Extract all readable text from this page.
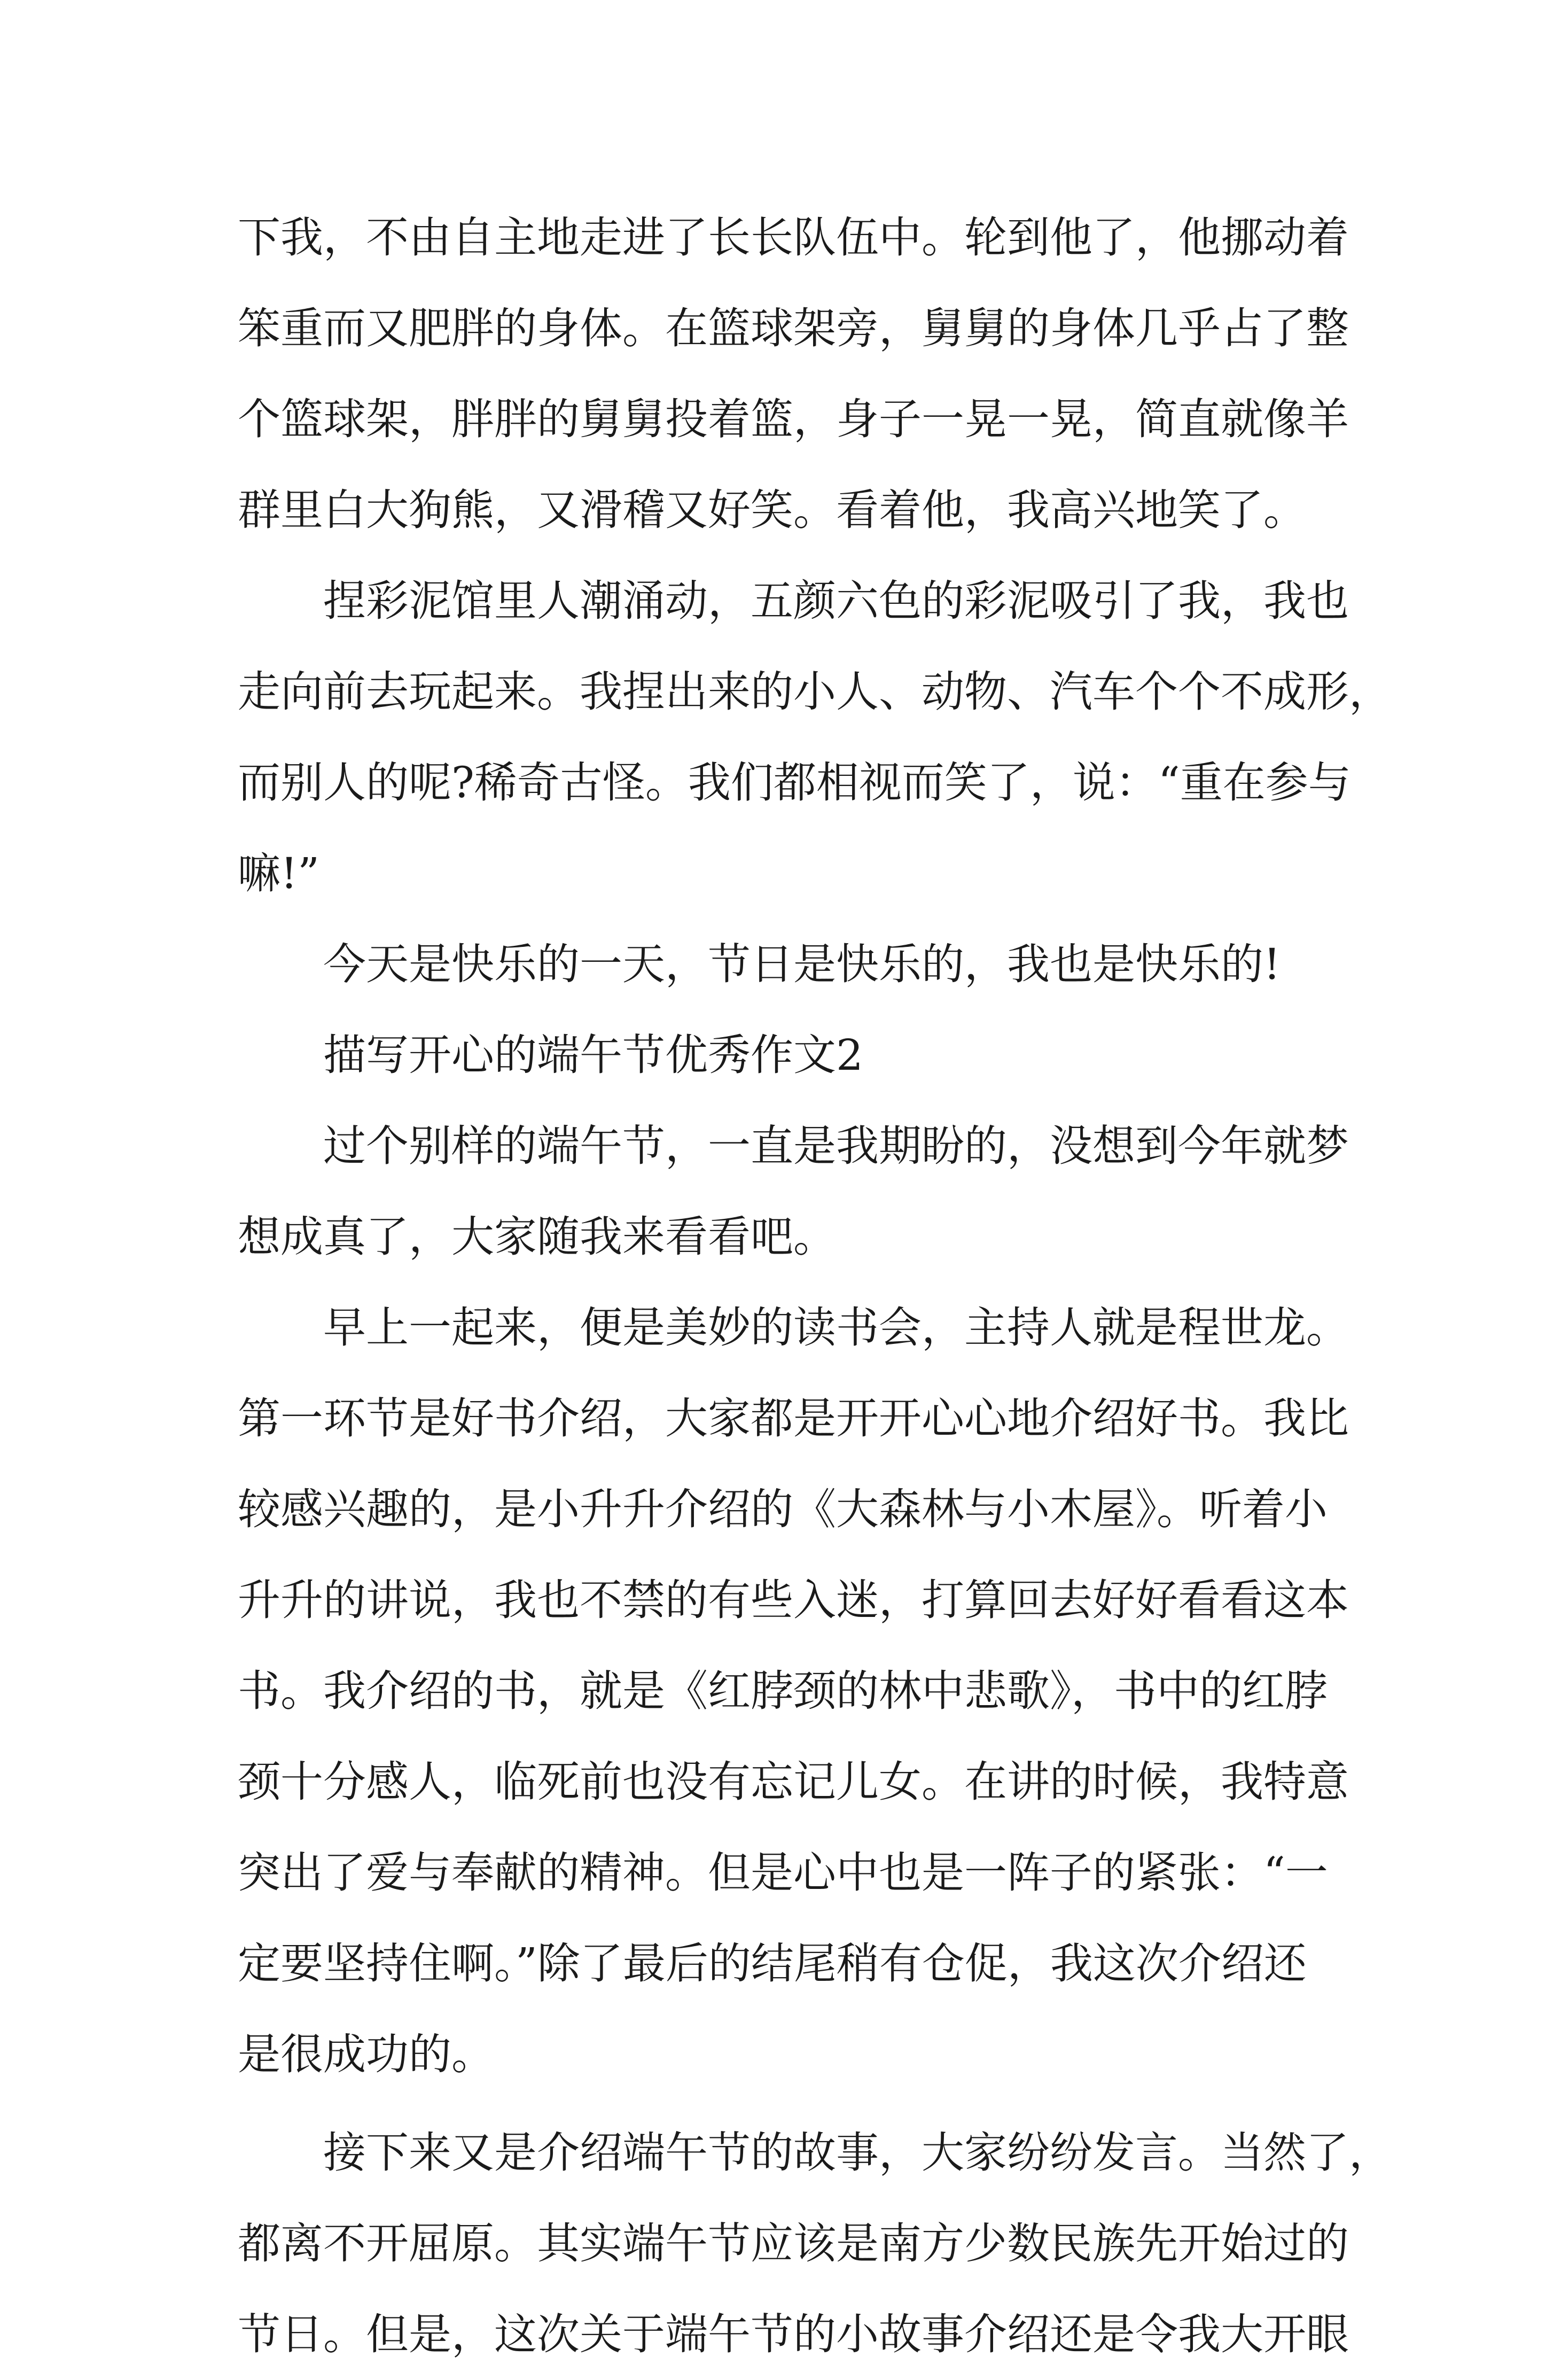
下我，不由自主地走进了长长队伍中。轮到他了，他挪动着
笨重而又肥胖的身体。在篮球架旁，舅舅的身体几乎占了整
个篮球架，胖胖的舅舅投着篮，身子一晃一晃，简直就像羊
群里白大狗熊，又滑稽又好笑。看着他，我高兴地笑了。
捏彩泥馆里人潮涌动，五颜六色的彩泥吸引了我，我也
走向前去玩起来。我捏出来的小人、动物、汽车个个不成形，
而别人的呢?稀奇古怪。我们都相视而笑了，说：“重在参与
嘛!”
今天是快乐的一天，节日是快乐的，我也是快乐的!
描写开心的端午节优秀作文2
过个别样的端午节，一直是我期盼的，没想到今年就梦
想成真了，大家随我来看看吧。
早上一起来，便是美妙的读书会，主持人就是程世龙。
第一环节是好书介绍，大家都是开开心心地介绍好书。我比
较感兴趣的，是小升升介绍的《大森林与小木屋》。听着小
升升的讲说，我也不禁的有些入迷，打算回去好好看看这本
书。我介绍的书，就是《红脖颈的林中悲歌》，书中的红脖
颈十分感人，临死前也没有忘记儿女。在讲的时候，我特意
突出了爱与奉献的精神。但是心中也是一阵子的紧张：“一
定要坚持住啊。”除了最后的结尾稍有仓促，我这次介绍还
是很成功的。
接下来又是介绍端午节的故事，大家纷纷发言。当然了，
都离不开屈原。其实端午节应该是南方少数民族先开始过的
节日。但是，这次关于端午节的小故事介绍还是令我大开眼
